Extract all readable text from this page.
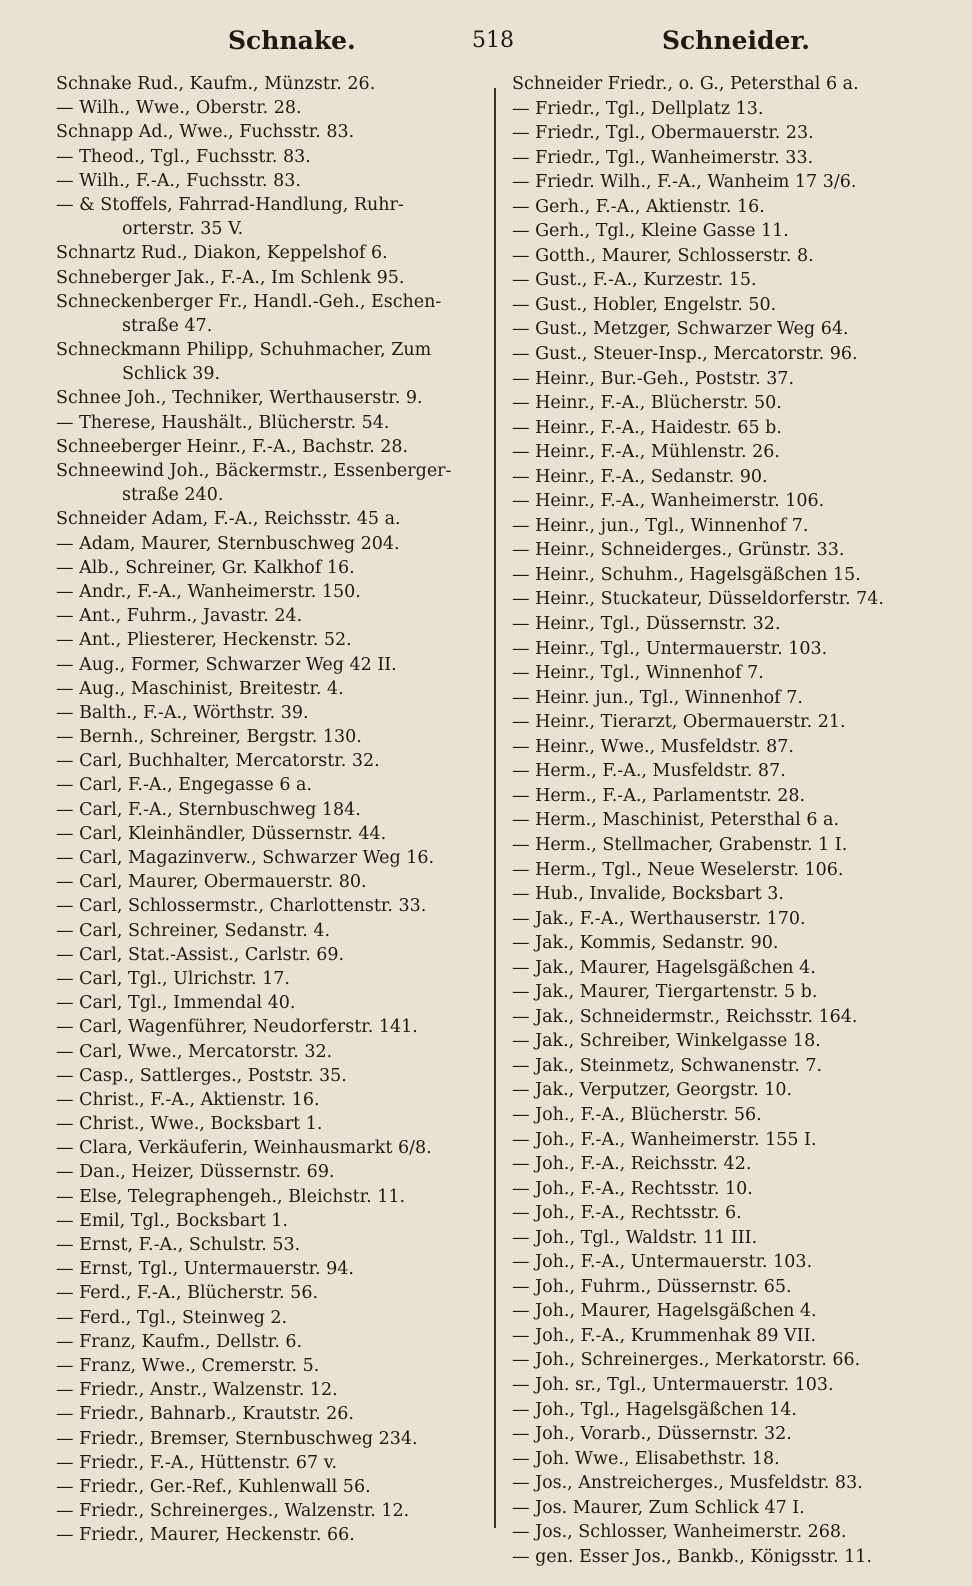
Schnake.	518	Schneider.
Schnake Rud., Kaufm., Münzstr. 26.
— Wilh., Wwe., Oberstr. 28.
Schnapp Ad., Wwe., Fuchsstr. 83.
— Theod., Tgl., Fuchsstr. 83.
— Wilh., F.-A., Fuchsstr. 83.
— & Stoffels, Fahrrad-Handlung, Ruhr-
orterstr. 35 V.
Schnartz Rud., Diakon, Keppelshof 6.
Schneberger Jak., F.-A., Im Schlenk 95.
Schneckenberger Fr., Handl.-Geh., Eschen-
straße 47.
Schneckmann Philipp, Schuhmacher, Zum
Schlick 39.
Schnee Joh., Techniker, Werthauserstr. 9.
— Therese, Haushält., Blücherstr. 54.
Schneeberger Heinr., F.-A., Bachstr. 28.
Schneewind Joh., Bäckermstr., Essenberger-
straße 240.
Schneider Adam, F.-A., Reichsstr. 45 a.
— Adam, Maurer, Sternbuschweg 204.
— Alb., Schreiner, Gr. Kalkhof 16.
— Andr., F.-A., Wanheimerstr. 150.
— Ant., Fuhrm., Javastr. 24.
— Ant., Pliesterer, Heckenstr. 52.
— Aug., Former, Schwarzer Weg 42 II.
— Aug., Maschinist, Breitestr. 4.
— Balth., F.-A., Wörthstr. 39.
— Bernh., Schreiner, Bergstr. 130.
— Carl, Buchhalter, Mercatorstr. 32.
— Carl, F.-A., Engegasse 6 a.
— Carl, F.-A., Sternbuschweg 184.
— Carl, Kleinhändler, Düssernstr. 44.
— Carl, Magazinverw., Schwarzer Weg 16.
— Carl, Maurer, Obermauerstr. 80.
— Carl, Schlossermstr., Charlottenstr. 33.
— Carl, Schreiner, Sedanstr. 4.
— Carl, Stat.-Assist., Carlstr. 69.
— Carl, Tgl., Ulrichstr. 17.
— Carl, Tgl., Immendal 40.
— Carl, Wagenführer, Neudorferstr. 141.
— Carl, Wwe., Mercatorstr. 32.
— Casp., Sattlerges., Poststr. 35.
— Christ., F.-A., Aktienstr. 16.
— Christ., Wwe., Bocksbart 1.
— Clara, Verkäuferin, Weinhausmarkt 6/8.
— Dan., Heizer, Düssernstr. 69.
— Else, Telegraphengeh., Bleichstr. 11.
— Emil, Tgl., Bocksbart 1.
— Ernst, F.-A., Schulstr. 53.
— Ernst, Tgl., Untermauerstr. 94.
— Ferd., F.-A., Blücherstr. 56.
— Ferd., Tgl., Steinweg 2.
— Franz, Kaufm., Dellstr. 6.
— Franz, Wwe., Cremerstr. 5.
— Friedr., Anstr., Walzenstr. 12.
— Friedr., Bahnarb., Krautstr. 26.
— Friedr., Bremser, Sternbuschweg 234.
— Friedr., F.-A., Hüttenstr. 67 v.
— Friedr., Ger.-Ref., Kuhlenwall 56.
— Friedr., Schreinerges., Walzenstr. 12.
— Friedr., Maurer, Heckenstr. 66.
Schneider Friedr., o. G., Petersthal 6 a.
— Friedr., Tgl., Dellplatz 13.
— Friedr., Tgl., Obermauerstr. 23.
— Friedr., Tgl., Wanheimerstr. 33.
— Friedr. Wilh., F.-A., Wanheim 17 3/6.
— Gerh., F.-A., Aktienstr. 16.
— Gerh., Tgl., Kleine Gasse 11.
— Gotth., Maurer, Schlosserstr. 8.
— Gust., F.-A., Kurzestr. 15.
— Gust., Hobler, Engelstr. 50.
— Gust., Metzger, Schwarzer Weg 64.
— Gust., Steuer-Insp., Mercatorstr. 96.
— Heinr., Bur.-Geh., Poststr. 37.
— Heinr., F.-A., Blücherstr. 50.
— Heinr., F.-A., Haidestr. 65 b.
— Heinr., F.-A., Mühlenstr. 26.
— Heinr., F.-A., Sedanstr. 90.
— Heinr., F.-A., Wanheimerstr. 106.
— Heinr., jun., Tgl., Winnenhof 7.
— Heinr., Schneiderges., Grünstr. 33.
— Heinr., Schuhm., Hagelsgäßchen 15.
— Heinr., Stuckateur, Düsseldorferstr. 74.
— Heinr., Tgl., Düssernstr. 32.
— Heinr., Tgl., Untermauerstr. 103.
— Heinr., Tgl., Winnenhof 7.
— Heinr. jun., Tgl., Winnenhof 7.
— Heinr., Tierarzt, Obermauerstr. 21.
— Heinr., Wwe., Musfeldstr. 87.
— Herm., F.-A., Musfeldstr. 87.
— Herm., F.-A., Parlamentstr. 28.
— Herm., Maschinist, Petersthal 6 a.
— Herm., Stellmacher, Grabenstr. 1 I.
— Herm., Tgl., Neue Weselerstr. 106.
— Hub., Invalide, Bocksbart 3.
— Jak., F.-A., Werthauserstr. 170.
— Jak., Kommis, Sedanstr. 90.
— Jak., Maurer, Hagelsgäßchen 4.
— Jak., Maurer, Tiergartenstr. 5 b.
— Jak., Schneidermstr., Reichsstr. 164.
— Jak., Schreiber, Winkelgasse 18.
— Jak., Steinmetz, Schwanenstr. 7.
— Jak., Verputzer, Georgstr. 10.
— Joh., F.-A., Blücherstr. 56.
— Joh., F.-A., Wanheimerstr. 155 I.
— Joh., F.-A., Reichsstr. 42.
— Joh., F.-A., Rechtsstr. 10.
— Joh., F.-A., Rechtsstr. 6.
— Joh., Tgl., Waldstr. 11 III.
— Joh., F.-A., Untermauerstr. 103.
— Joh., Fuhrm., Düssernstr. 65.
— Joh., Maurer, Hagelsgäßchen 4.
— Joh., F.-A., Krummenhak 89 VII.
— Joh., Schreinerges., Merkatorstr. 66.
— Joh. sr., Tgl., Untermauerstr. 103.
— Joh., Tgl., Hagelsgäßchen 14.
— Joh., Vorarb., Düssernstr. 32.
— Joh. Wwe., Elisabethstr. 18.
— Jos., Anstreicherges., Musfeldstr. 83.
— Jos. Maurer, Zum Schlick 47 I.
— Jos., Schlosser, Wanheimerstr. 268.
— gen. Esser Jos., Bankb., Königsstr. 11.
